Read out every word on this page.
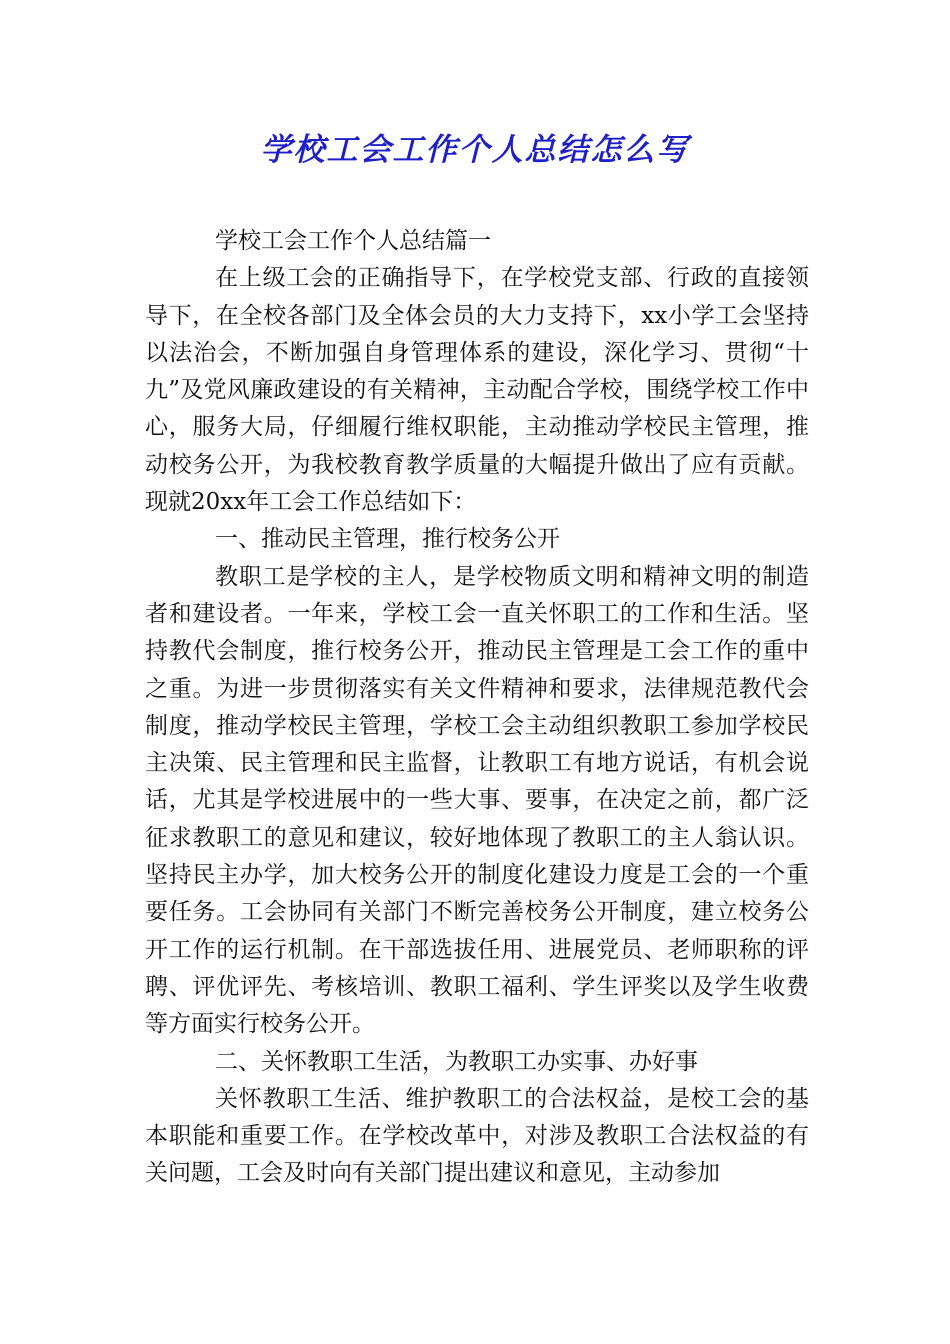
学校工会工作个人总结怎么写

学校工会工作个人总结篇一

在上级工会的正确指导下，在学校党支部、行政的直接领导下，在全校各部门及全体会员的大力支持下，xx小学工会坚持以法治会，不断加强自身管理体系的建设，深化学习、贯彻“十九”及党风廉政建设的有关精神，主动配合学校，围绕学校工作中心，服务大局，仔细履行维权职能，主动推动学校民主管理，推动校务公开，为我校教育教学质量的大幅提升做出了应有贡献。现就20xx年工会工作总结如下：

一、推动民主管理，推行校务公开

教职工是学校的主人，是学校物质文明和精神文明的制造者和建设者。一年来，学校工会一直关怀职工的工作和生活。坚持教代会制度，推行校务公开，推动民主管理是工会工作的重中之重。为进一步贯彻落实有关文件精神和要求，法律规范教代会制度，推动学校民主管理，学校工会主动组织教职工参加学校民主决策、民主管理和民主监督，让教职工有地方说话，有机会说话，尤其是学校进展中的一些大事、要事，在决定之前，都广泛征求教职工的意见和建议，较好地体现了教职工的主人翁认识。坚持民主办学，加大校务公开的制度化建设力度是工会的一个重要任务。工会协同有关部门不断完善校务公开制度，建立校务公开工作的运行机制。在干部选拔任用、进展党员、老师职称的评聘、评优评先、考核培训、教职工福利、学生评奖以及学生收费等方面实行校务公开。

二、关怀教职工生活，为教职工办实事、办好事

关怀教职工生活、维护教职工的合法权益，是校工会的基本职能和重要工作。在学校改革中，对涉及教职工合法权益的有关问题，工会及时向有关部门提出建议和意见，主动参加
